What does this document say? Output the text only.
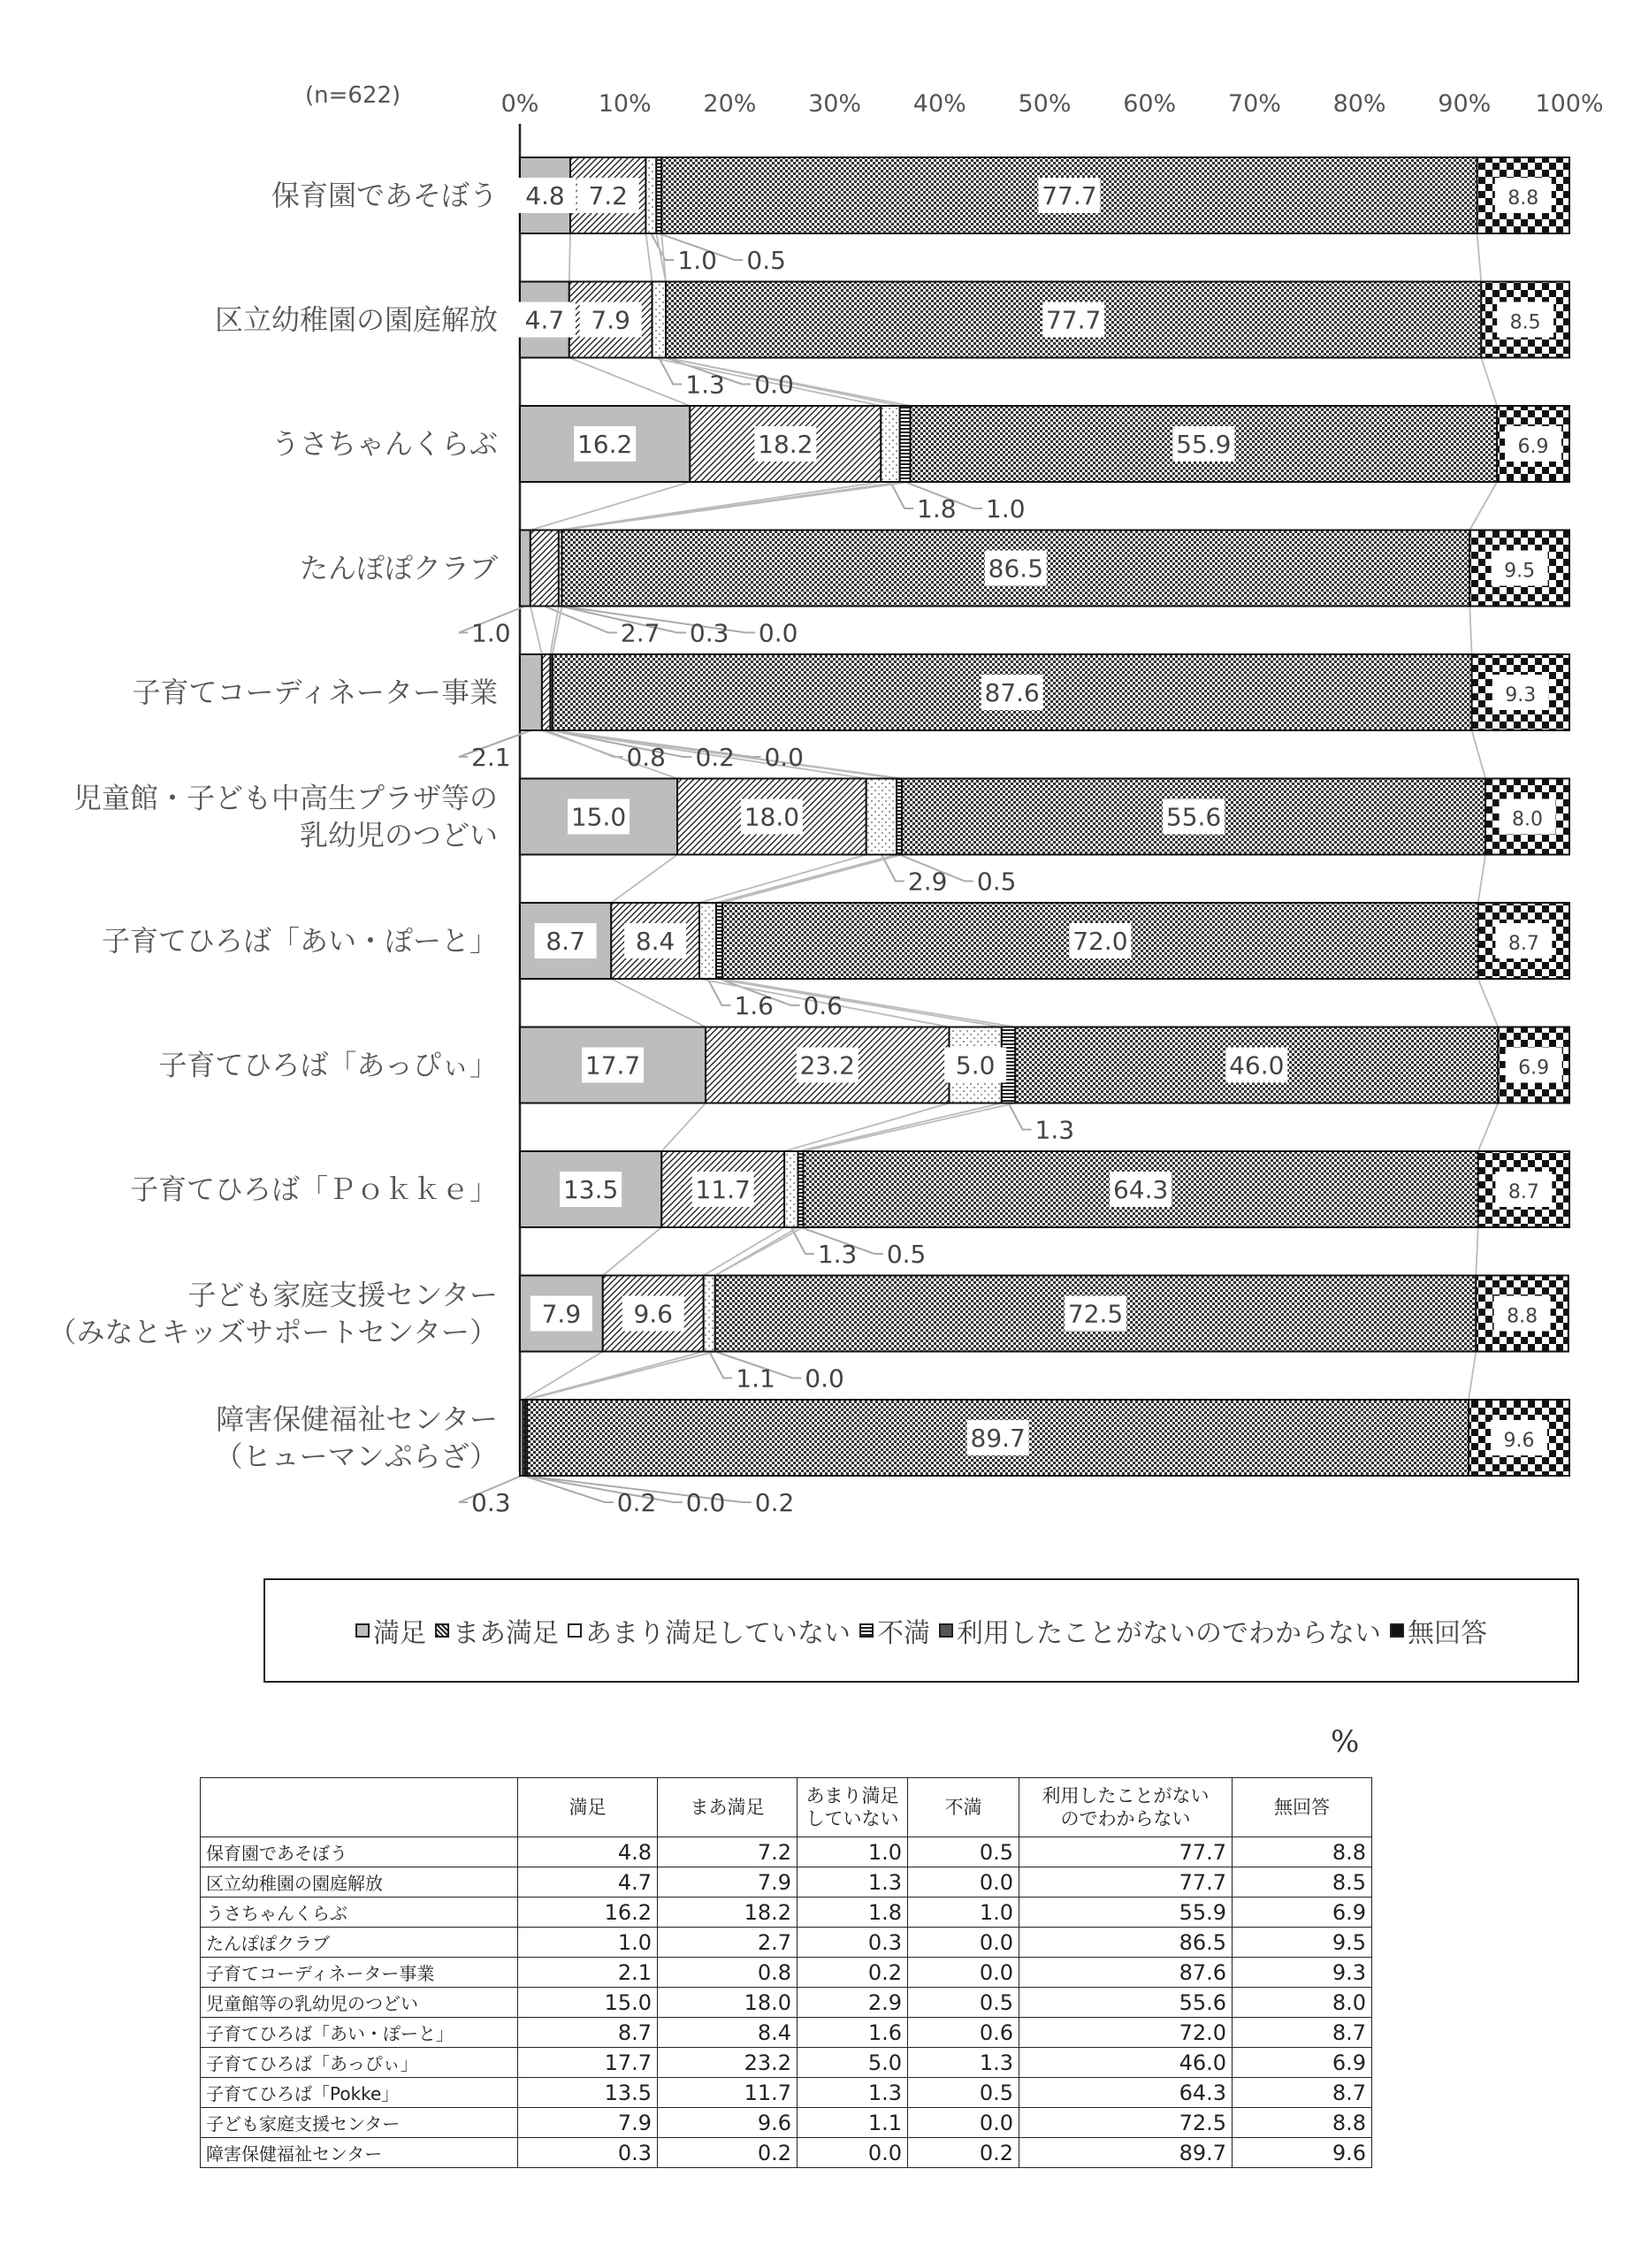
(n=622)	0% 10% 20% 30% 40% 50% 60% 70% 80% 90% 100%
保育園であそぼう 4.8 7.2	77.7	8.8
1.0 0.5
区立幼稚園の園庭解放 4.7 7.9	77.7	8.5
1.3 0.0
うさちゃんくらぶ	16.2	18.2	55.9	6.9
1.8 1.0
たんぽぽクラブ	86.5	9.5
1.0	2.7 0.3 0.0
子育てコーディネーター事業	87.6	9.3
2.1	0.8 0.2 0.0
児童館・子ども中高生プラザ等の
乳幼児のつどい
15.0	18.0	55.6	8.0
2.9 0.5
子育てひろば「あい・ぽーと」 8.7 8.4	72.0	8.7
1.6 0.6
子育てひろば「あっぴぃ」	17.7	23.2	5.0	46.0	6.9
1.3
子育てひろば「Ｐｏｋｋｅ」	13.5	11.7	64.3	8.7
1.3 0.5
子ども家庭支援センター
（みなとキッズサポートセンター）
7.9 9.6	72.5	8.8
1.1 0.0
障害保健福祉センター
（ヒューマンぷらざ）
89.7	9.6
0.3	0.2 0.0 0.2
満足 まあ満足 あまり満足していない 不満 利用したことがないのでわからない 無回答
%
	満足	まあ満足	あまり満足
していない	不満	利用したことがない
のでわからない	無回答
保育園であそぼう	4.8	7.2	1.0	0.5	77.7	8.8
区立幼稚園の園庭解放	4.7	7.9	1.3	0.0	77.7	8.5
うさちゃんくらぶ	16.2	18.2	1.8	1.0	55.9	6.9
たんぽぽクラブ	1.0	2.7	0.3	0.0	86.5	9.5
子育てコーディネーター事業	2.1	0.8	0.2	0.0	87.6	9.3
児童館等の乳幼児のつどい	15.0	18.0	2.9	0.5	55.6	8.0
子育てひろば「あい・ぽーと」	8.7	8.4	1.6	0.6	72.0	8.7
子育てひろば「あっぴぃ」	17.7	23.2	5.0	1.3	46.0	6.9
子育てひろば「Pokke」	13.5	11.7	1.3	0.5	64.3	8.7
子ども家庭支援センター	7.9	9.6	1.1	0.0	72.5	8.8
障害保健福祉センター	0.3	0.2	0.0	0.2	89.7	9.6
